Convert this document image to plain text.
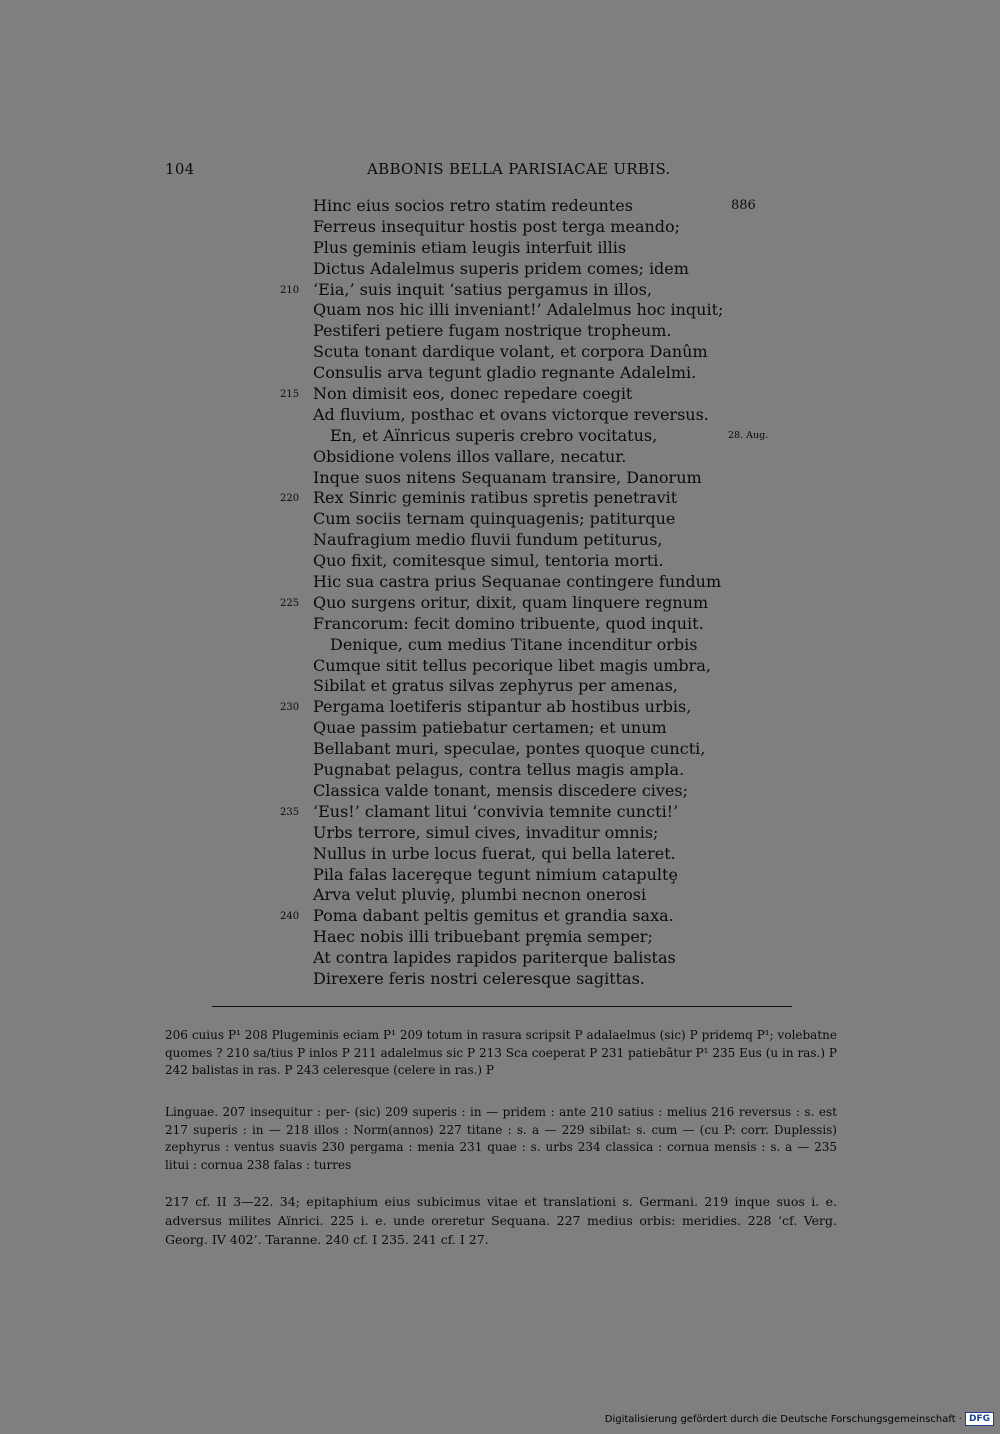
104	ABBONIS BELLA PARISIACAE URBIS.
Hinc eius socios retro statim redeuntes	886
Ferreus insequitur hostis post terga meando;
Plus geminis etiam leugis interfuit illis
Dictus Adalelmus superis pridem comes; idem
210 ‘Eia,’ suis inquit ‘satius pergamus in illos,
Quam nos hic illi inveniant!’ Adalelmus hoc inquit;
Pestiferi petiere fugam nostrique tropheum.
Scuta tonant dardique volant, et corpora Danûm
Consulis arva tegunt gladio regnante Adalelmi.
215 Non dimisit eos, donec repedare coegit
Ad fluvium, posthac et ovans victorque reversus.
En, et Aïnricus superis crebro vocitatus,	28. Aug.
Obsidione volens illos vallare, necatur.
Inque suos nitens Sequanam transire, Danorum
220 Rex Sinric geminis ratibus spretis penetravit
Cum sociis ternam quinquagenis; patiturque
Naufragium medio fluvii fundum petiturus,
Quo fixit, comitesque simul, tentoria morti.
Hic sua castra prius Sequanae contingere fundum
225 Quo surgens oritur, dixit, quam linquere regnum
Francorum: fecit domino tribuente, quod inquit.
Denique, cum medius Titane incenditur orbis
Cumque sitit tellus pecorique libet magis umbra,
Sibilat et gratus silvas zephyrus per amenas,
230 Pergama loetiferis stipantur ab hostibus urbis,
Quae passim patiebatur certamen; et unum
Bellabant muri, speculae, pontes quoque cuncti,
Pugnabat pelagus, contra tellus magis ampla.
Classica valde tonant, mensis discedere cives;
235 ‘Eus!’ clamant litui ‘convivia temnite cuncti!’
Urbs terrore, simul cives, invaditur omnis;
Nullus in urbe locus fuerat, qui bella lateret.
Pila falas lacerȩque tegunt nimium catapultȩ
Arva velut pluviȩ, plumbi necnon onerosi
240 Poma dabant peltis gemitus et grandia saxa.
Haec nobis illi tribuebant prȩmia semper;
At contra lapides rapidos pariterque balistas
Direxere feris nostri celeresque sagittas.

206 cuius P¹ 208 Plugeminis eciam P¹ 209 totum in rasura scripsit P adalaelmus (sic) P pridemq P¹; volebatne quomes ? 210 sa/tius P inlos P 211 adalelmus sic P 213 Sca coeperat P 231 patiebãtur P¹ 235 Eus (u in ras.) P 242 balistas in ras. P 243 celeresque (celere in ras.) P

Linguae. 207 insequitur : per- (sic) 209 superis : in — pridem : ante 210 satius : melius 216 reversus : s. est 217 superis : in — 218 illos : Norm(annos) 227 titane : s. a — 229 sibilat: s. cum — (cu P: corr. Duplessis) zephyrus : ventus suavis 230 pergama : menia 231 quae : s. urbs 234 classica : cornua mensis : s. a — 235 litui : cornua 238 falas : turres

217 cf. II 3—22. 34; epitaphium eius subicimus vitae et translationi s. Germani. 219 inque suos i. e. adversus milites Aïnrici. 225 i. e. unde oreretur Sequana. 227 medius orbis: meridies. 228 ‘cf. Verg. Georg. IV 402’. Taranne. 240 cf. I 235. 241 cf. I 27.

Digitalisierung gefördert durch die Deutsche Forschungsgemeinschaft · DFG
